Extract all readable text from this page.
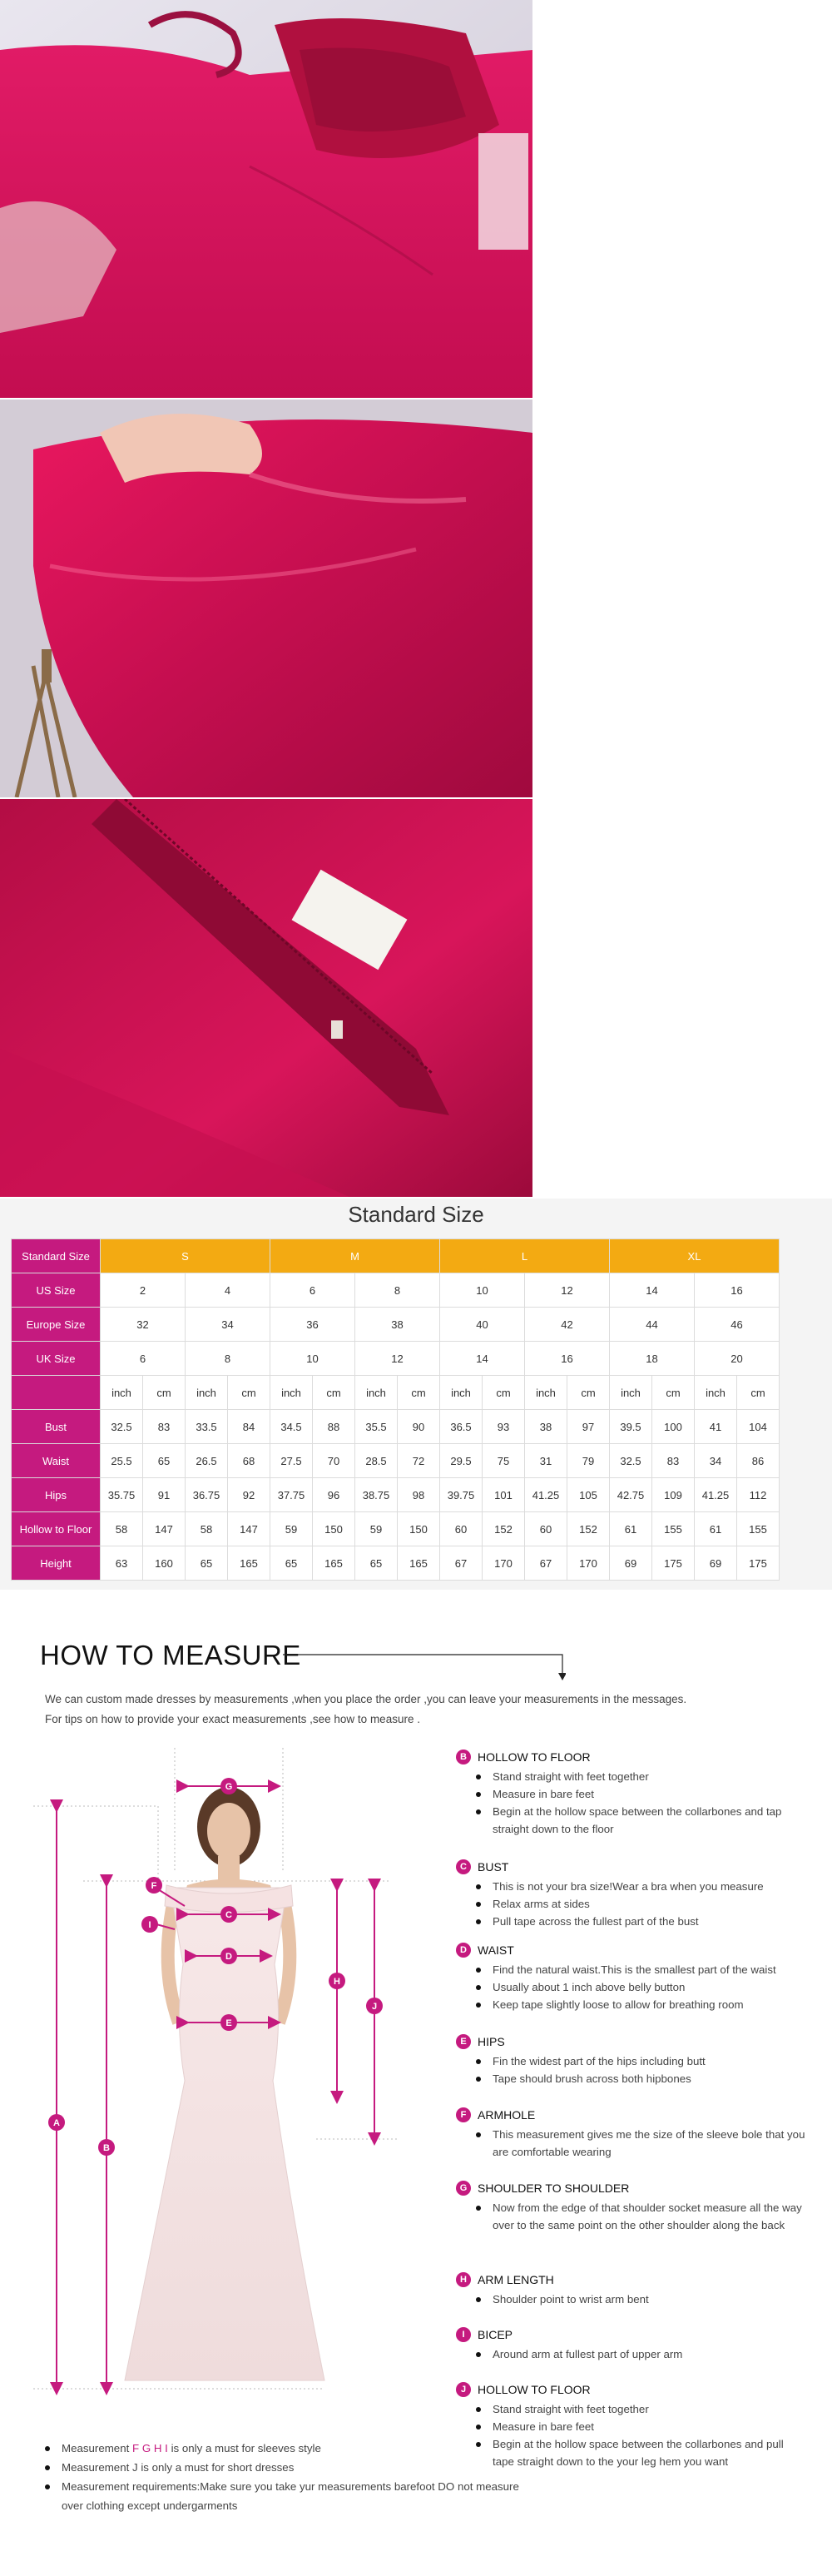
Standard Size
Standard Size	S				M				L				XL			
US Size	2		4		6		8		10		12		14		16	
Europe Size	32		34		36		38		40		42		44		46	
UK Size	6		8		10		12		14		16		18		20	
	inch	cm	inch	cm	inch	cm	inch	cm	inch	cm	inch	cm	inch	cm	inch	cm
Bust	32.5	83	33.5	84	34.5	88	35.5	90	36.5	93	38	97	39.5	100	41	104
Waist	25.5	65	26.5	68	27.5	70	28.5	72	29.5	75	31	79	32.5	83	34	86
Hips	35.75	91	36.75	92	37.75	96	38.75	98	39.75	101	41.25	105	42.75	109	41.25	112
Hollow to Floor	58	147	58	147	59	150	59	150	60	152	60	152	61	155	61	155
Height	63	160	65	165	65	165	65	165	67	170	67	170	69	175	69	175
HOW TO MEASURE
We can custom made dresses by measurements ,when you place the order ,you can leave your measurements in the messages.
For tips on how to provide your exact measurements ,see how to measure .
A
B
G
C
D
E
F
I
H
J
B HOLLOW TO FLOOR
Stand straight with feet together
Measure in bare feet
Begin at the hollow space between the collarbones and tap straight down to the floor
C BUST
This is not your bra size!Wear a bra when you measure
Relax arms at sides
Pull tape across the fullest part of the bust
D WAIST
Find the natural waist.This is the smallest part of the waist
Usually about 1 inch above belly button
Keep tape slightly loose to allow for breathing room
E HIPS
Fin the widest part of the hips including butt
Tape should brush across both hipbones
F ARMHOLE
This measurement gives me the size of the sleeve bole that you are comfortable wearing
G SHOULDER TO SHOULDER
Now from the edge of that shoulder socket measure all the way over to the same point on the other shoulder along the back
H ARM LENGTH
Shoulder point to wrist arm bent
I	BICEP
Around arm at fullest part of upper arm
J HOLLOW TO FLOOR
Stand straight with feet together
Measure in bare feet
Begin at the hollow space between the collarbones and pull tape straight down to the your leg hem you want
Measurement F G H I is only a must for sleeves style
Measurement J is only a must for short dresses
Measurement requirements:Make sure you take yur measurements barefoot DO not measure over clothing except undergarments
